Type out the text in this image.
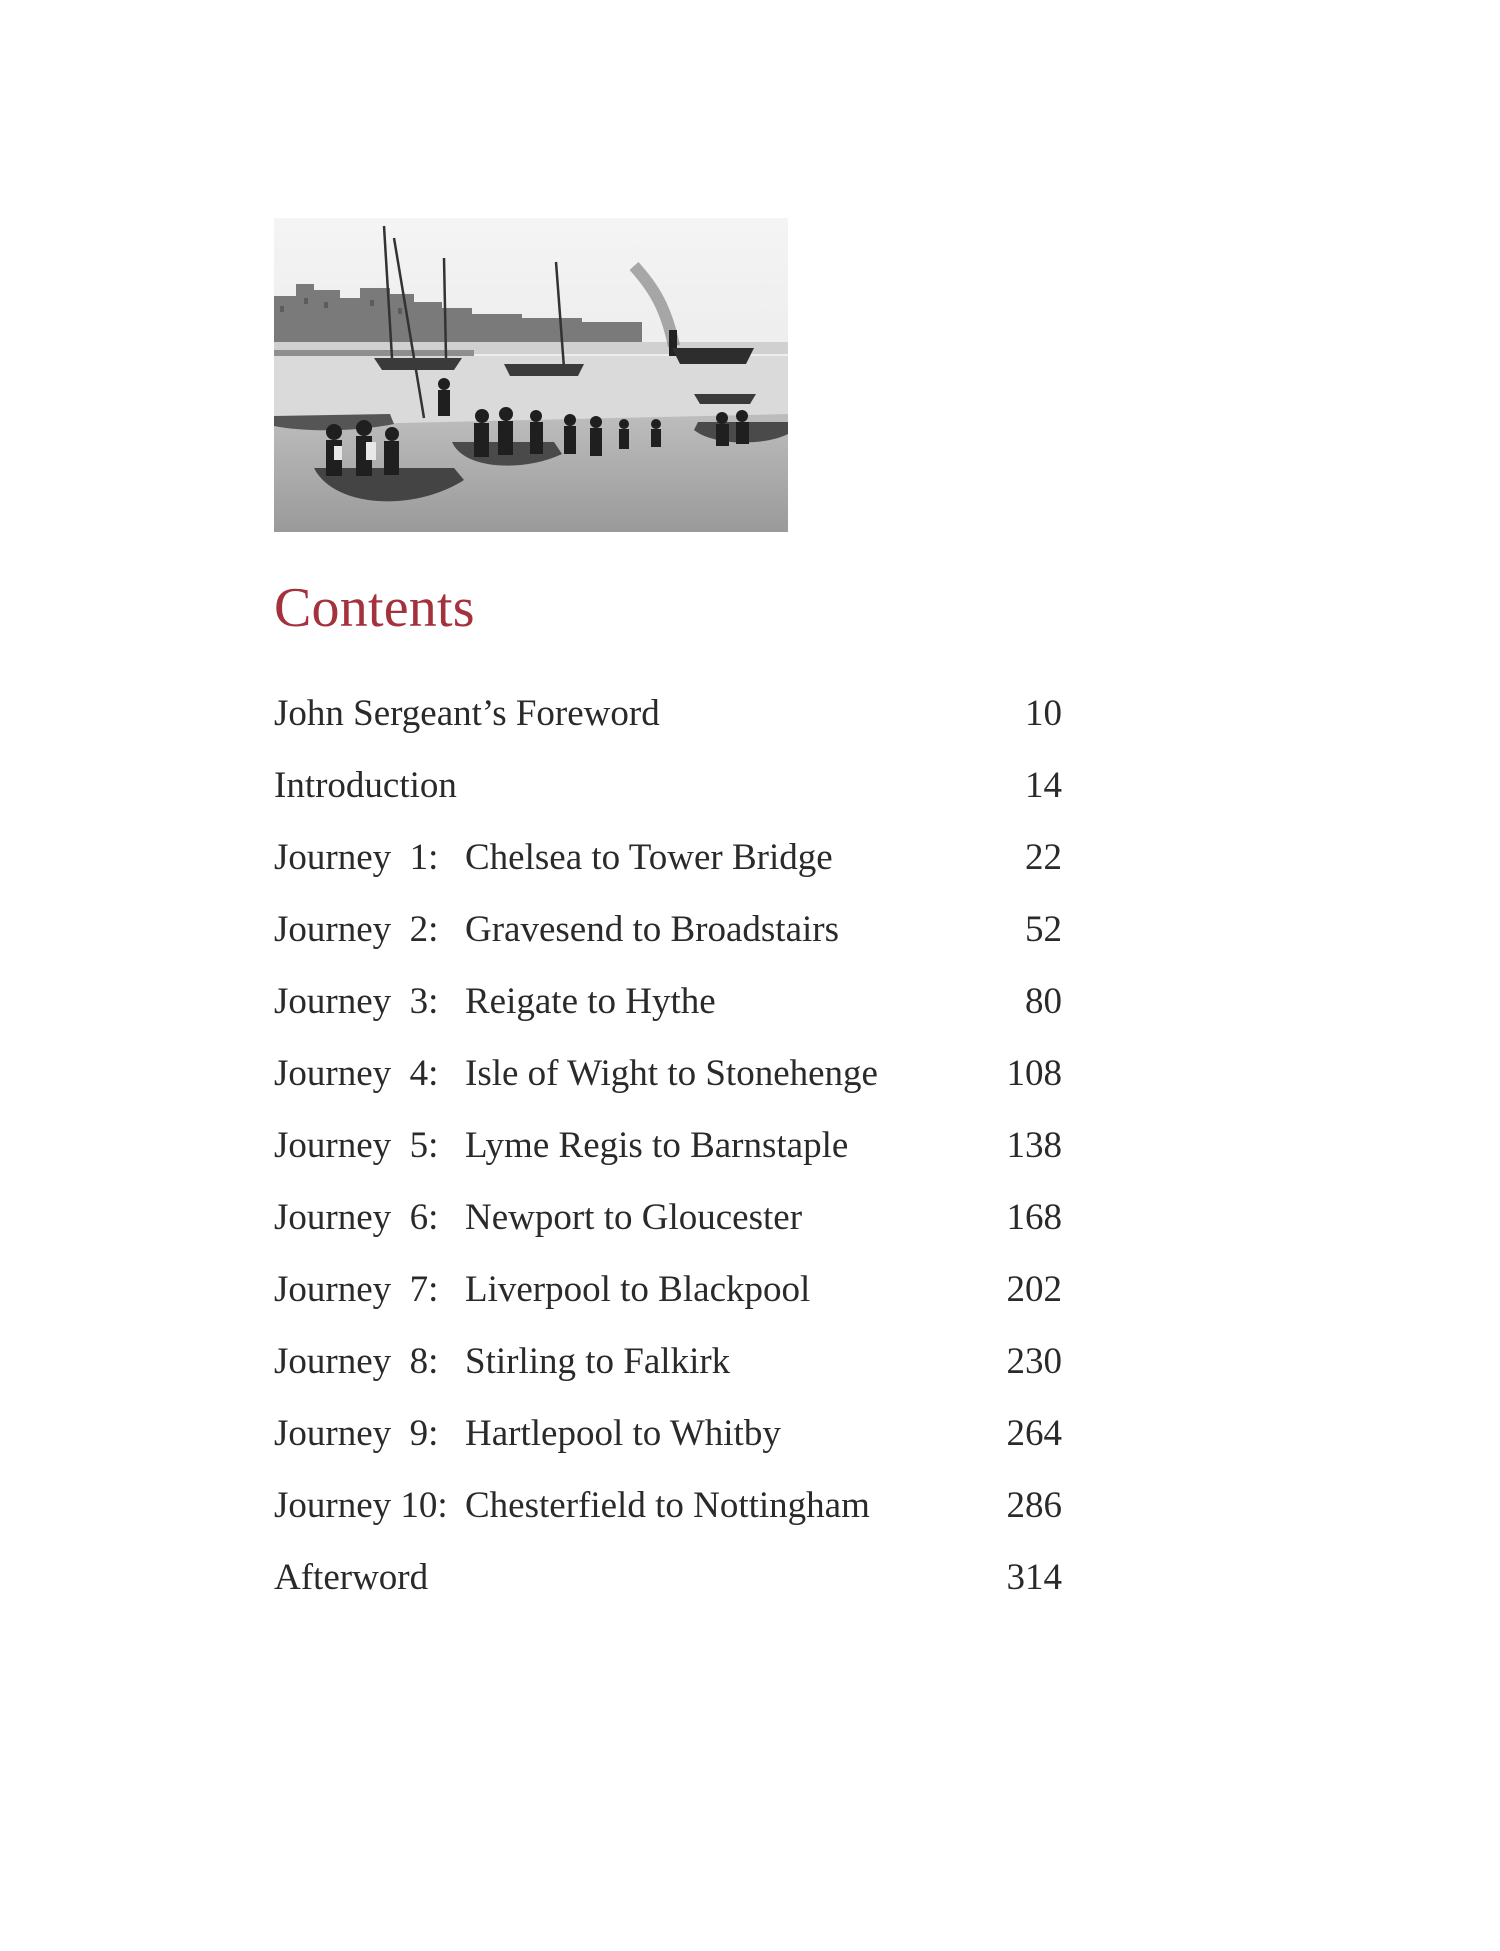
Contents
John Sergeant’s Foreword	10
Introduction	14
Journey  1: Chelsea to Tower Bridge	22
Journey  2: Gravesend to Broadstairs	52
Journey  3: Reigate to Hythe	80
Journey  4: Isle of Wight to Stonehenge	108
Journey  5: Lyme Regis to Barnstaple	138
Journey  6: Newport to Gloucester	168
Journey  7: Liverpool to Blackpool	202
Journey  8: Stirling to Falkirk	230
Journey  9: Hartlepool to Whitby	264
Journey 10: Chesterfield to Nottingham	286
Afterword	314
